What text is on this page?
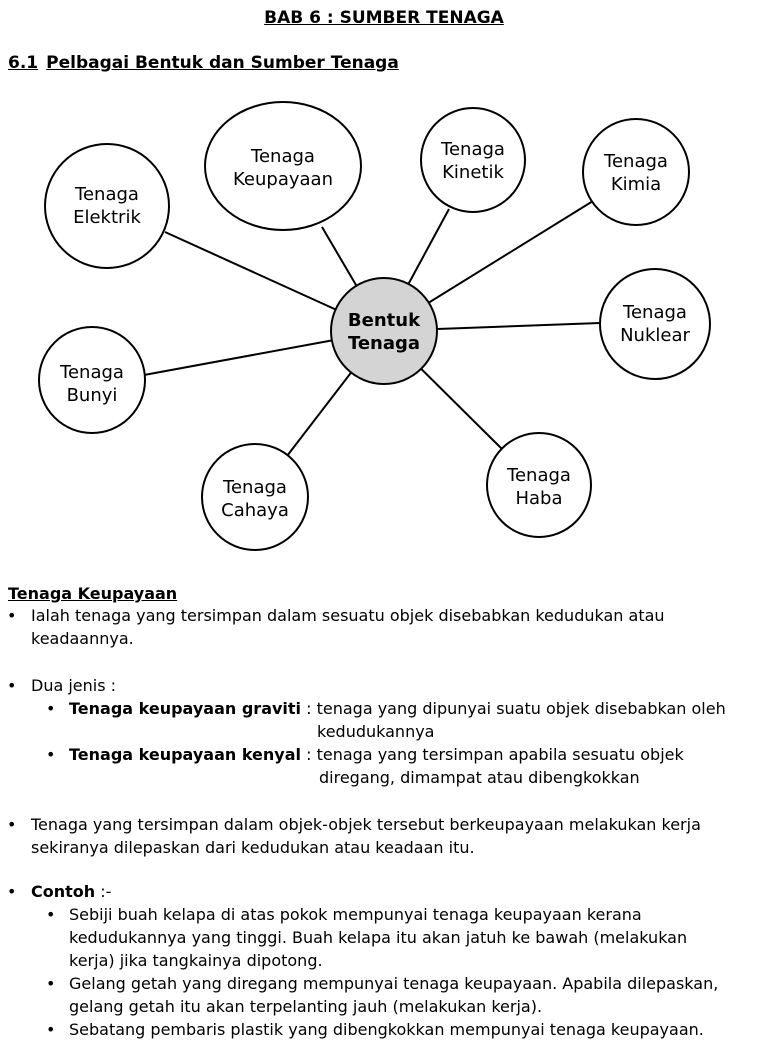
BAB 6 : SUMBER TENAGA
6.1 Pelbagai Bentuk dan Sumber Tenaga
Tenaga
Keupayaan
Tenaga
Kinetik
Tenaga
Kimia
Tenaga
Elektrik
Tenaga
Nuklear
Tenaga
Bunyi
Tenaga
Cahaya
Tenaga
Haba
Bentuk
Tenaga
Tenaga Keupayaan
• Ialah tenaga yang tersimpan dalam sesuatu objek disebabkan kedudukan atau
keadaannya.
• Dua jenis :
• Tenaga keupayaan graviti : tenaga yang dipunyai suatu objek disebabkan oleh
kedudukannya
• Tenaga keupayaan kenyal : tenaga yang tersimpan apabila sesuatu objek
diregang, dimampat atau dibengkokkan
• Tenaga yang tersimpan dalam objek-objek tersebut berkeupayaan melakukan kerja
sekiranya dilepaskan dari kedudukan atau keadaan itu.
• Contoh :-
• Sebiji buah kelapa di atas pokok mempunyai tenaga keupayaan kerana
kedudukannya yang tinggi. Buah kelapa itu akan jatuh ke bawah (melakukan
kerja) jika tangkainya dipotong.
• Gelang getah yang diregang mempunyai tenaga keupayaan. Apabila dilepaskan,
gelang getah itu akan terpelanting jauh (melakukan kerja).
• Sebatang pembaris plastik yang dibengkokkan mempunyai tenaga keupayaan.
